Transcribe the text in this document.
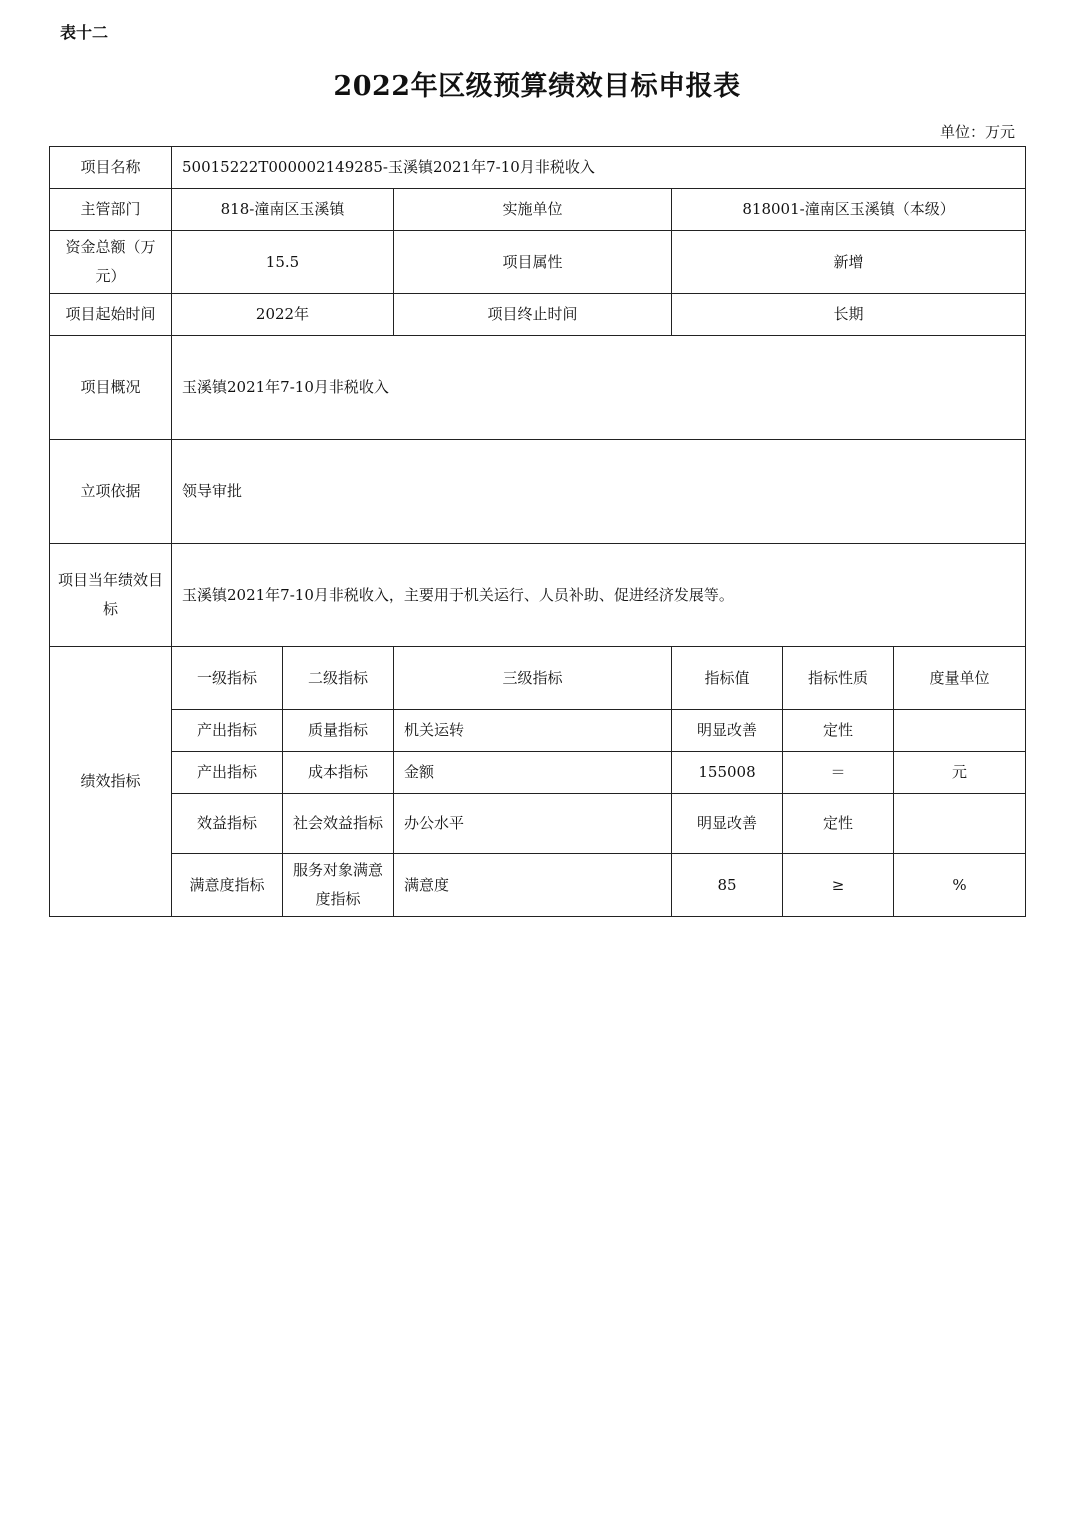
表十二
2022年区级预算绩效目标申报表
单位：万元
项目名称	50015222T000002149285-玉溪镇2021年7-10月非税收入						
主管部门	818-潼南区玉溪镇		实施单位	818001-潼南区玉溪镇（本级）			
资金总额（万元）	15.5		项目属性	新增			
项目起始时间	2022年		项目终止时间	长期			
项目概况	玉溪镇2021年7-10月非税收入						
立项依据	领导审批						
项目当年绩效目标	玉溪镇2021年7-10月非税收入，主要用于机关运行、人员补助、促进经济发展等。						
绩效指标	一级指标	二级指标	三级指标	指标值	指标性质	度量单位	
	产出指标	质量指标	机关运转	明显改善	定性		
	产出指标	成本指标	金额	155008	＝	元	
	效益指标	社会效益指标	办公水平	明显改善	定性		
	满意度指标	服务对象满意度指标	满意度	85	≥	%	
